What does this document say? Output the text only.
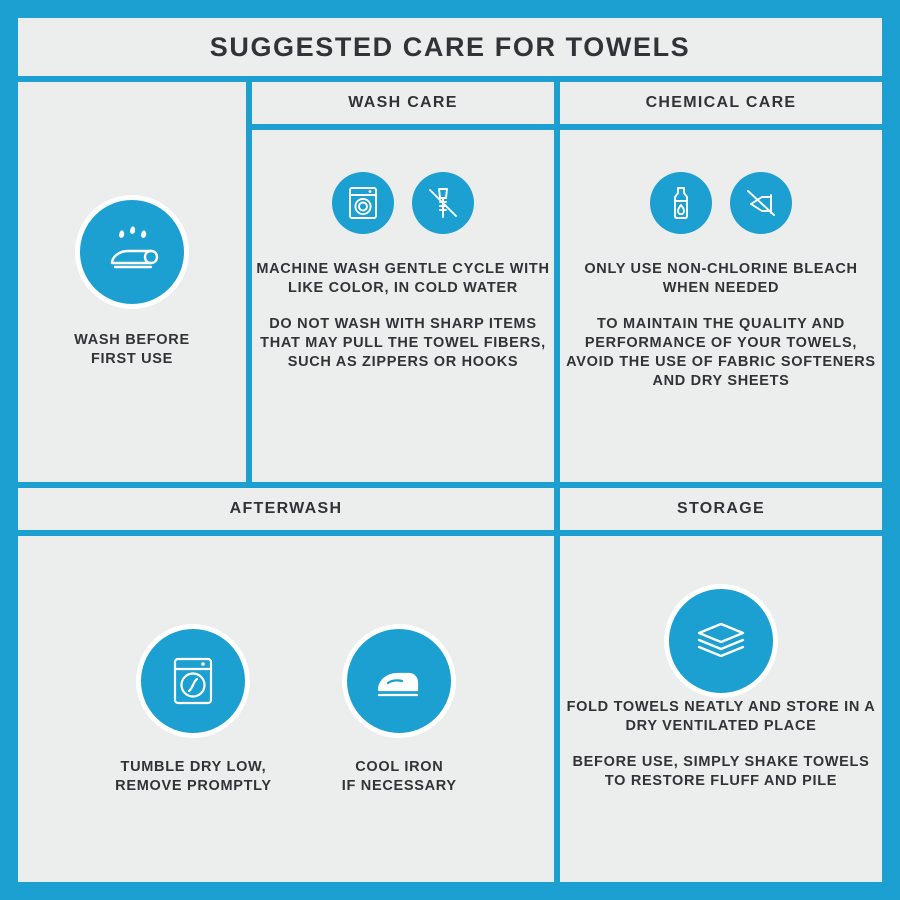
SUGGESTED CARE FOR TOWELS
WASH BEFORE
FIRST USE
WASH CARE
MACHINE WASH GENTLE CYCLE WITH LIKE COLOR, IN COLD WATER
DO NOT WASH WITH SHARP ITEMS THAT MAY PULL THE TOWEL FIBERS, SUCH AS ZIPPERS OR HOOKS
CHEMICAL CARE
ONLY USE NON-CHLORINE BLEACH WHEN NEEDED
TO MAINTAIN THE QUALITY AND PERFORMANCE OF YOUR TOWELS, AVOID THE USE OF FABRIC SOFTENERS AND DRY SHEETS
AFTERWASH
TUMBLE DRY LOW,
REMOVE PROMPTLY
COOL IRON
IF NECESSARY
STORAGE
FOLD TOWELS NEATLY AND STORE IN A DRY VENTILATED PLACE
BEFORE USE, SIMPLY SHAKE TOWELS TO RESTORE FLUFF AND PILE
